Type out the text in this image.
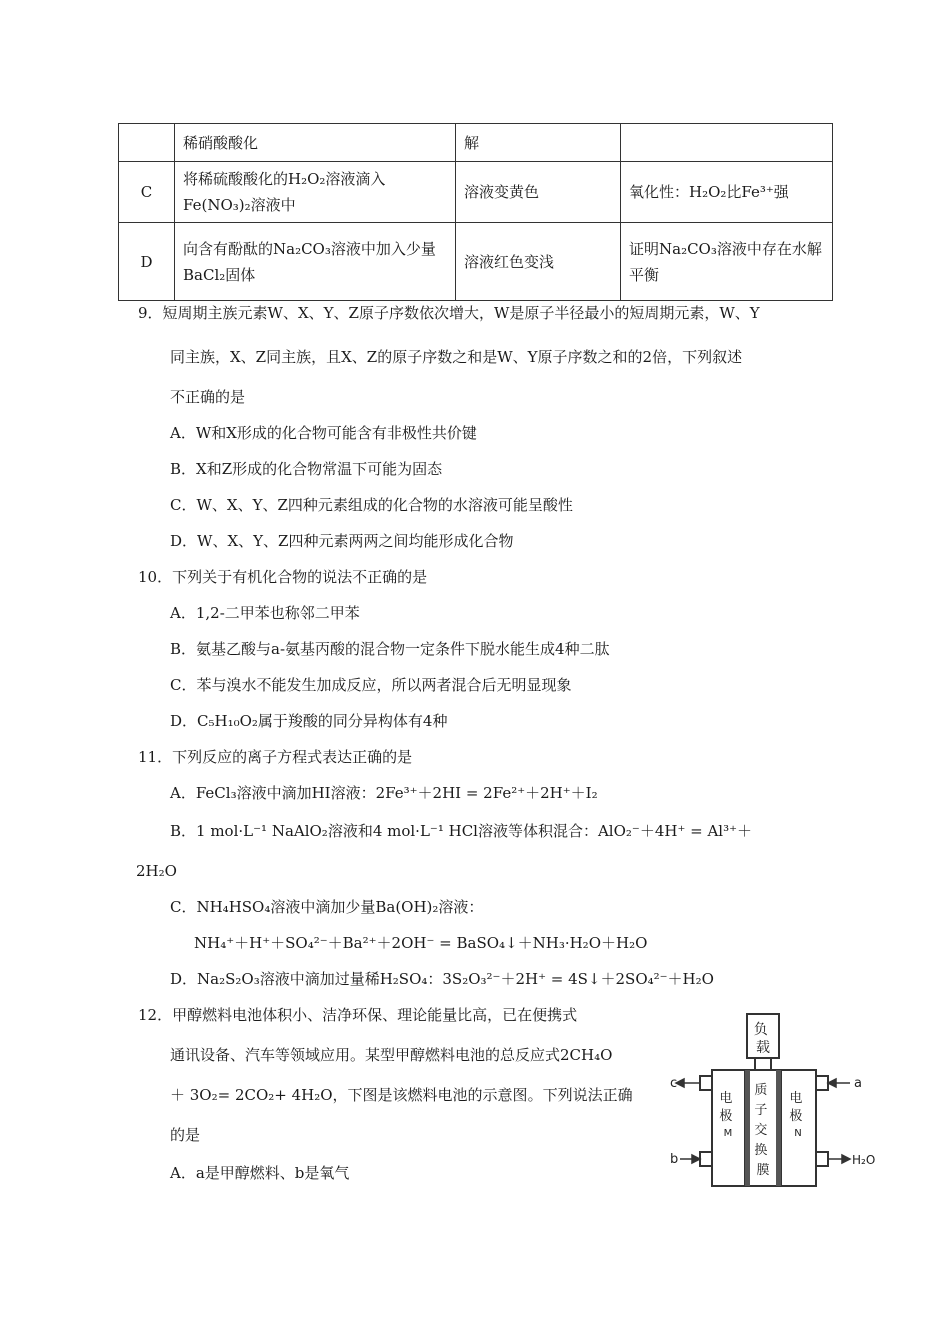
	稀硝酸酸化	解	
C	将稀硫酸酸化的H₂O₂溶液滴入Fe(NO₃)₂溶液中	溶液变黄色	氧化性：H₂O₂比Fe³⁺强
D	向含有酚酞的Na₂CO₃溶液中加入少量BaCl₂固体	溶液红色变浅	证明Na₂CO₃溶液中存在水解平衡
9．短周期主族元素W、X、Y、Z原子序数依次增大，W是原子半径最小的短周期元素，W、Y
同主族，X、Z同主族，且X、Z的原子序数之和是W、Y原子序数之和的2倍，下列叙述
不正确的是
A．W和X形成的化合物可能含有非极性共价键
B．X和Z形成的化合物常温下可能为固态
C．W、X、Y、Z四种元素组成的化合物的水溶液可能呈酸性
D．W、X、Y、Z四种元素两两之间均能形成化合物
10．下列关于有机化合物的说法不正确的是
A．1,2-二甲苯也称邻二甲苯
B．氨基乙酸与a-氨基丙酸的混合物一定条件下脱水能生成4种二肽
C．苯与溴水不能发生加成反应，所以两者混合后无明显现象
D．C₅H₁₀O₂属于羧酸的同分异构体有4种
11．下列反应的离子方程式表达正确的是
A．FeCl₃溶液中滴加HI溶液：2Fe³⁺＋2HI = 2Fe²⁺＋2H⁺＋I₂
B．1 mol·L⁻¹ NaAlO₂溶液和4 mol·L⁻¹ HCl溶液等体积混合：AlO₂⁻＋4H⁺ = Al³⁺＋
2H₂O
C．NH₄HSO₄溶液中滴加少量Ba(OH)₂溶液：
NH₄⁺＋H⁺＋SO₄²⁻＋Ba²⁺＋2OH⁻ = BaSO₄↓＋NH₃·H₂O＋H₂O
D．Na₂S₂O₃溶液中滴加过量稀H₂SO₄：3S₂O₃²⁻＋2H⁺ = 4S↓＋2SO₄²⁻＋H₂O
12．甲醇燃料电池体积小、洁净环保、理论能量比高，已在便携式
通讯设备、汽车等领域应用。某型甲醇燃料电池的总反应式2CH₄O
＋ 3O₂= 2CO₂+ 4H₂O，下图是该燃料电池的示意图。下列说法正确
的是
A．a是甲醇燃料、b是氧气
负 载
电 极 M
质 子 交 换 膜
电 极 N
c
b
a
H₂O
